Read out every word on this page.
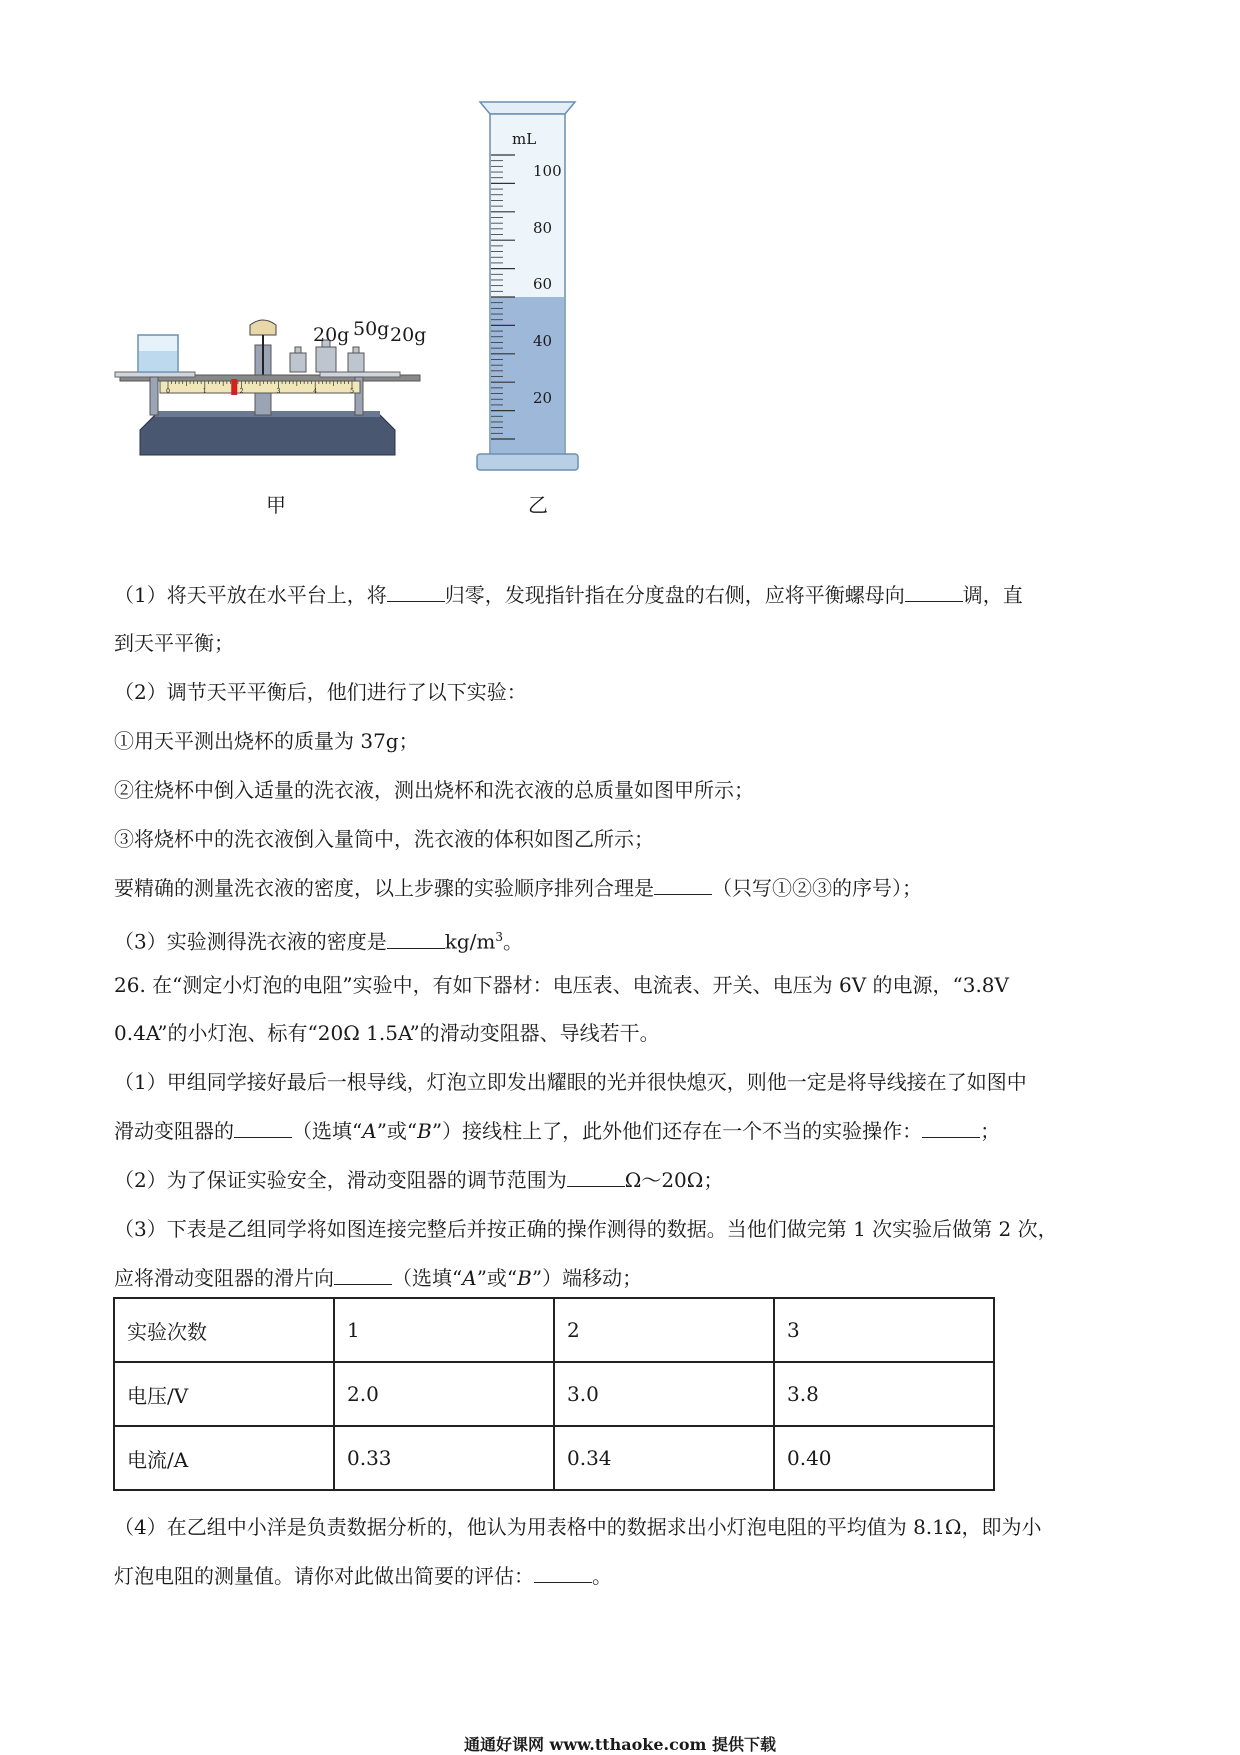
0	1	2	3	4	5
20g 50g 20g
甲
mL
100
80
60
40
20
乙
（1）将天平放在水平台上，将	归零，发现指针指在分度盘的右侧，应将平衡螺母向	调，直
到天平平衡；
（2）调节天平平衡后，他们进行了以下实验：
①用天平测出烧杯的质量为 37g；
②往烧杯中倒入适量的洗衣液，测出烧杯和洗衣液的总质量如图甲所示；
③将烧杯中的洗衣液倒入量筒中，洗衣液的体积如图乙所示；
要精确的测量洗衣液的密度，以上步骤的实验顺序排列合理是	（只写①②③的序号）；
（3）实验测得洗衣液的密度是	$kg/m^3$。
26. 在“测定小灯泡的电阻”实验中，有如下器材：电压表、电流表、开关、电压为 6V 的电源，“3.8V
0.4A”的小灯泡、标有“20Ω 1.5A”的滑动变阻器、导线若干。
（1）甲组同学接好最后一根导线，灯泡立即发出耀眼的光并很快熄灭，则他一定是将导线接在了如图中
滑动变阻器的	（选填“A”或“B”）接线柱上了，此外他们还存在一个不当的实验操作：	；
（2）为了保证实验安全，滑动变阻器的调节范围为	Ω～20Ω；
（3）下表是乙组同学将如图连接完整后并按正确的操作测得的数据。当他们做完第 1 次实验后做第 2 次，
应将滑动变阻器的滑片向	（选填“A”或“B”）端移动；
实验次数	1	2	3
电压/V	2.0	3.0	3.8
电流/A	0.33	0.34	0.40
（4）在乙组中小洋是负责数据分析的，他认为用表格中的数据求出小灯泡电阻的平均值为 8.1Ω，即为小
灯泡电阻的测量值。请你对此做出简要的评估：	。
通通好课网 www.tthaoke.com 提供下载
